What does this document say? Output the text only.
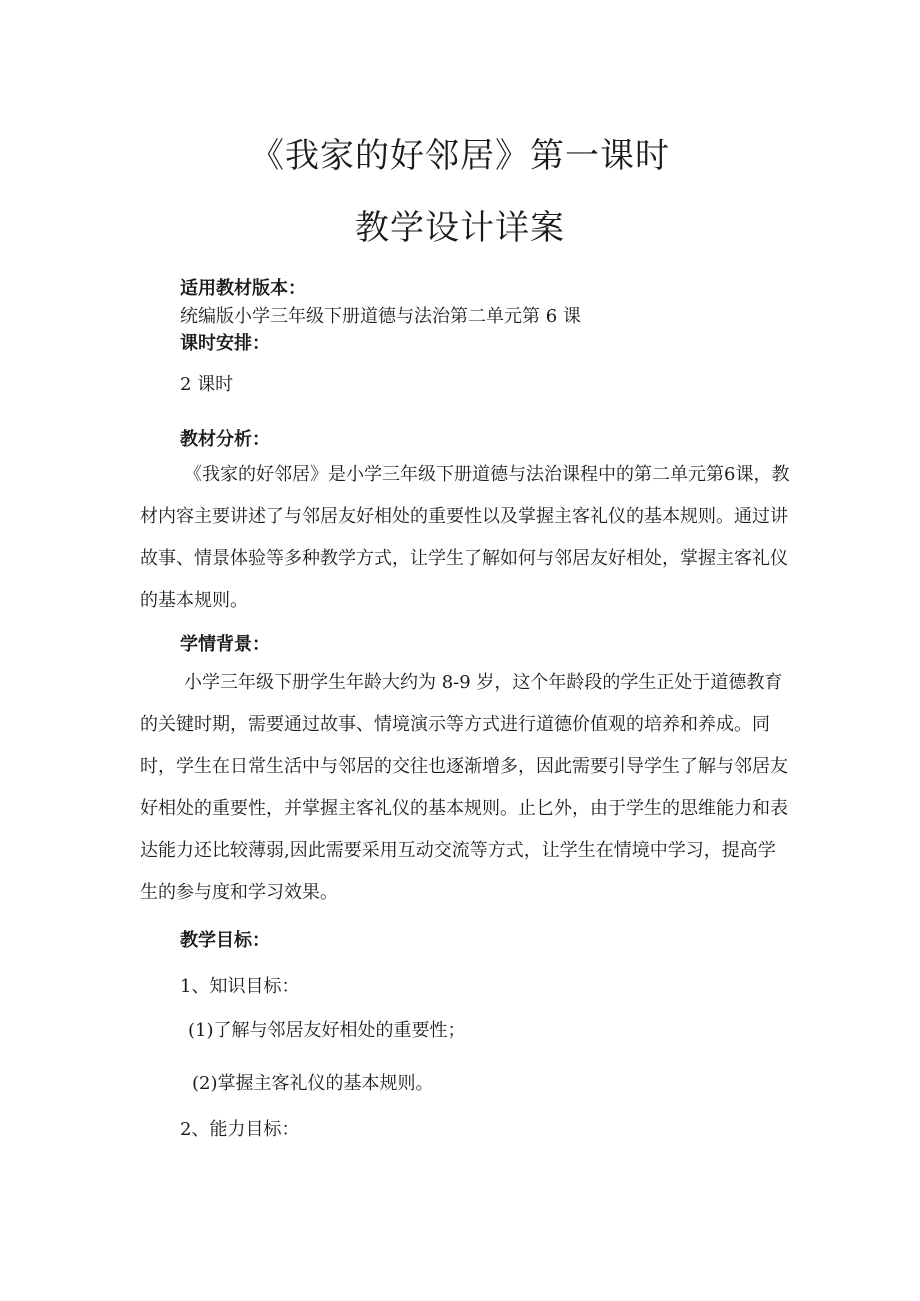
《我家的好邻居》第一课时
教学设计详案

适用教材版本：

统编版小学三年级下册道德与法治第二单元第 6 课

课时安排：

2 课时

教材分析：

《我家的好邻居》是小学三年级下册道德与法治课程中的第二单元第6课，教材内容主要讲述了与邻居友好相处的重要性以及掌握主客礼仪的基本规则。通过讲故事、情景体验等多种教学方式，让学生了解如何与邻居友好相处，掌握主客礼仪的基本规则。

学情背景：

小学三年级下册学生年龄大约为 8-9 岁，这个年龄段的学生正处于道德教育的关键时期，需要通过故事、情境演示等方式进行道德价值观的培养和养成。同时，学生在日常生活中与邻居的交往也逐渐增多，因此需要引导学生了解与邻居友好相处的重要性，并掌握主客礼仪的基本规则。止匕外，由于学生的思维能力和表达能力还比较薄弱,因此需要采用互动交流等方式，让学生在情境中学习，提高学生的参与度和学习效果。

教学目标：

1、知识目标：

(1)了解与邻居友好相处的重要性；

(2)掌握主客礼仪的基本规则。

2、能力目标：
